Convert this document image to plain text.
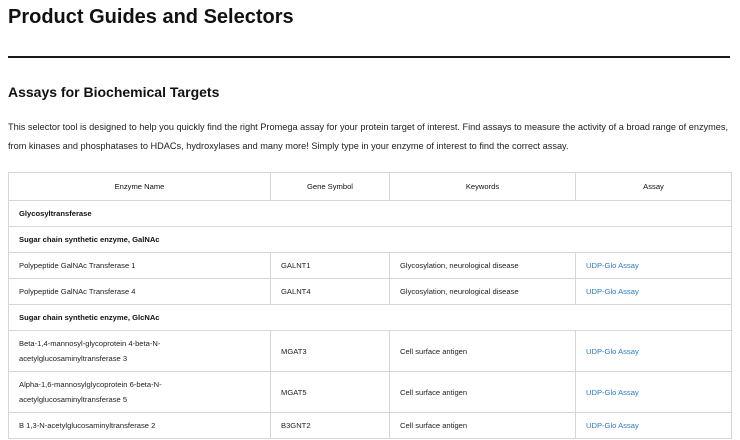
Product Guides and Selectors
Assays for Biochemical Targets

This selector tool is designed to help you quickly find the right Promega assay for your protein target of interest. Find assays to measure the activity of a broad range of enzymes, from kinases and phosphatases to HDACs, hydroxylases and many more! Simply type in your enzyme of interest to find the correct assay.

Enzyme Name	Gene Symbol	Keywords	Assay
Glycosyltransferase			
Sugar chain synthetic enzyme, GalNAc			
Polypeptide GalNAc Transferase 1	GALNT1	Glycosylation, neurological disease	UDP-Glo Assay
Polypeptide GalNAc Transferase 4	GALNT4	Glycosylation, neurological disease	UDP-Glo Assay
Sugar chain synthetic enzyme, GlcNAc			
Beta-1,4-mannosyl-glycoprotein 4-beta-N-acetylglucosaminyltransferase 3	MGAT3	Cell surface antigen	UDP-Glo Assay
Alpha-1,6-mannosylglycoprotein 6-beta-N-acetylglucosaminyltransferase 5	MGAT5	Cell surface antigen	UDP-Glo Assay
B 1,3-N-acetylglucosaminyltransferase 2	B3GNT2	Cell surface antigen	UDP-Glo Assay
